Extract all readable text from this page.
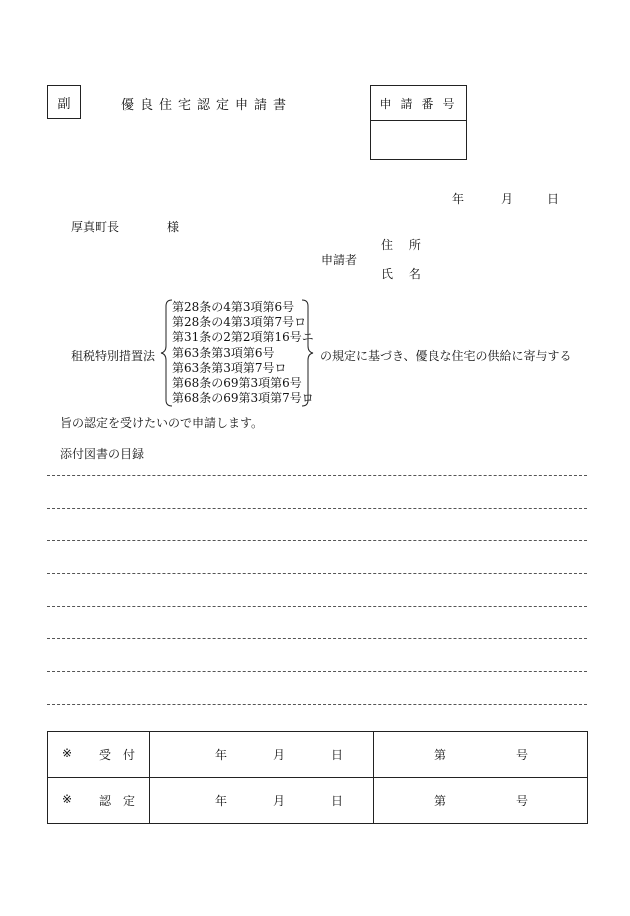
副	優良住宅認定申請書	申請番号
年	月	日
厚真町長	様
申請者
住 所
氏 名
租税特別措置法
第28条の4第3項第6号
第28条の4第3項第7号ロ
第31条の2第2項第16号ニ
第63条第3項第6号
第63条第3項第7号ロ
第68条の69第3項第6号
第68条の69第3項第7号ロ
の規定に基づき、優良な住宅の供給に寄与する
旨の認定を受けたいので申請します。
添付図書の目録
※ 受　付	年 月 日	第 号

※ 認　定	年 月 日	第 号
